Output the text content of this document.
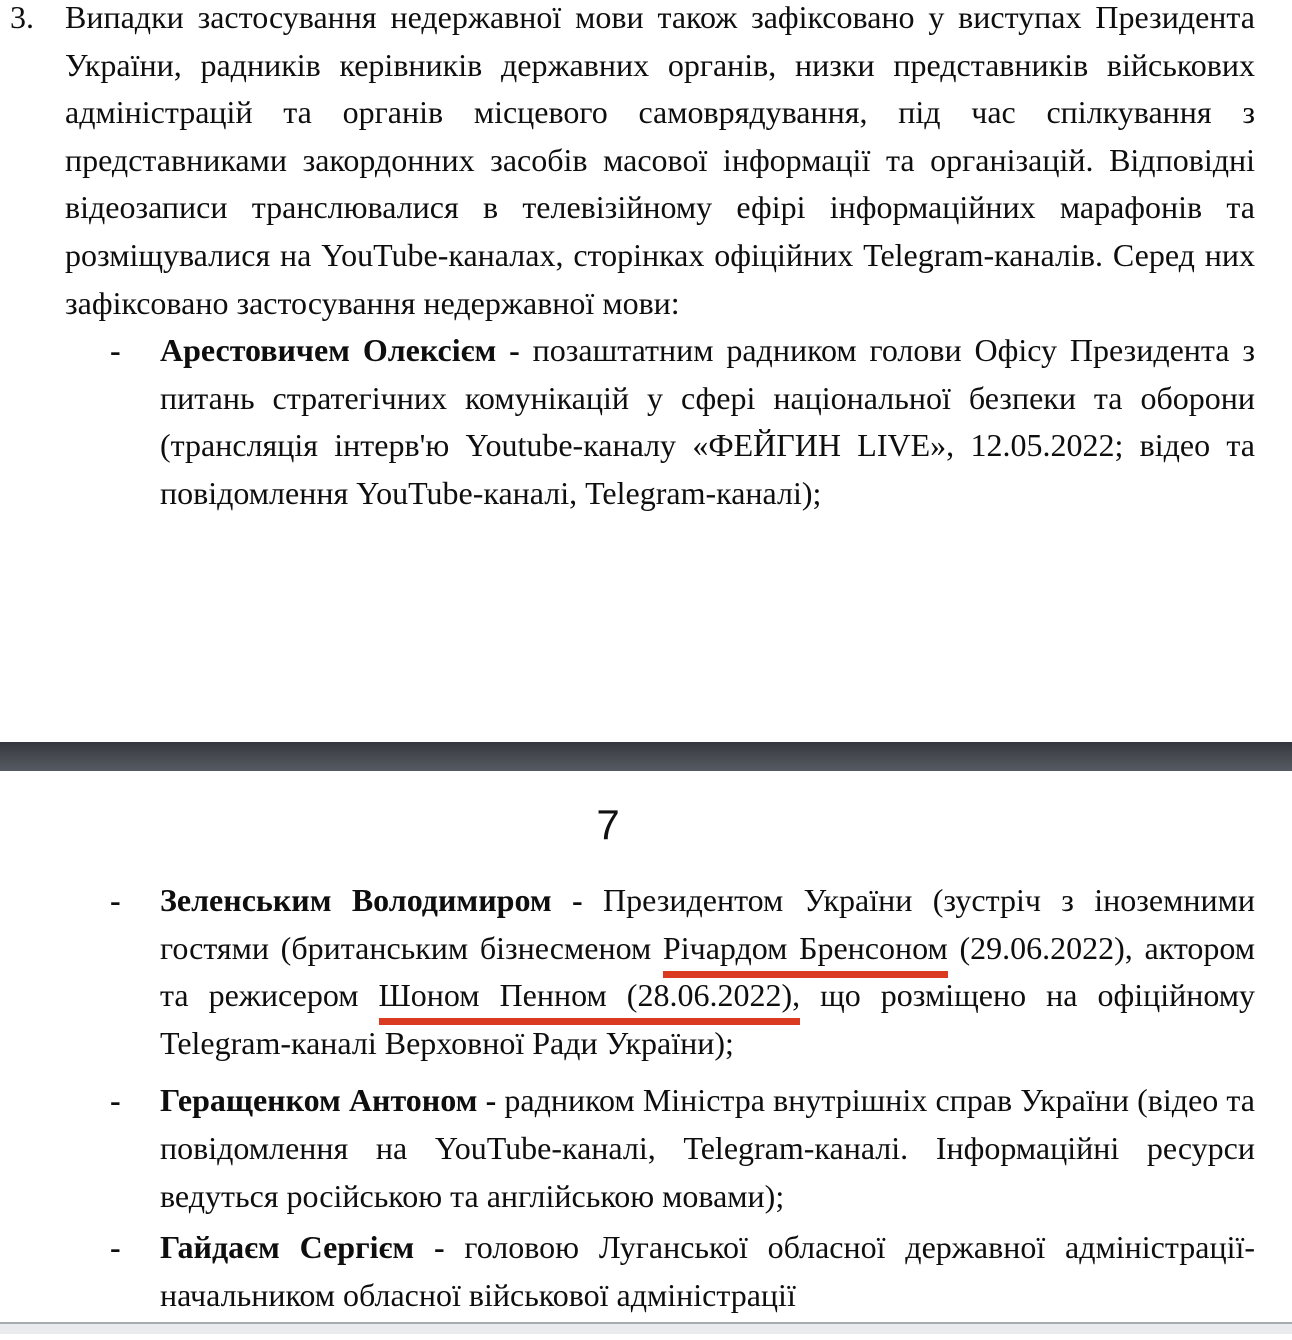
3. Випадки застосування недержавної мови також зафіксовано у виступах Президента України, радників керівників державних органів, низки представників військових адміністрацій та органів місцевого самоврядування, під час спілкування з представниками закордонних засобів масової інформації та організацій. Відповідні відеозаписи транслювалися в телевізійному ефірі інформаційних марафонів та розміщувалися на YouTube-каналах, сторінках офіційних Telegram-каналів. Серед них зафіксовано застосування недержавної мови:
- Арестовичем Олексієм - позаштатним радником голови Офісу Президента з питань стратегічних комунікацій у сфері національної безпеки та оборони (трансляція інтерв'ю Youtube-каналу «ФЕЙГИН LIVE», 12.05.2022; відео та повідомлення YouTube-каналі, Telegram-каналі);
7
- Зеленським Володимиром - Президентом України (зустріч з іноземними гостями (британським бізнесменом Річардом Бренсоном (29.06.2022), актором та режисером Шоном Пенном (28.06.2022), що розміщено на офіційному Telegram-каналі Верховної Ради України);
- Геращенком Антоном - радником Міністра внутрішніх справ України (відео та повідомлення на YouTube-каналі, Telegram-каналі. Інформаційні ресурси ведуться російською та англійською мовами);
- Гайдаєм Сергієм - головою Луганської обласної державної адміністрації-начальником обласної військової адміністрації
